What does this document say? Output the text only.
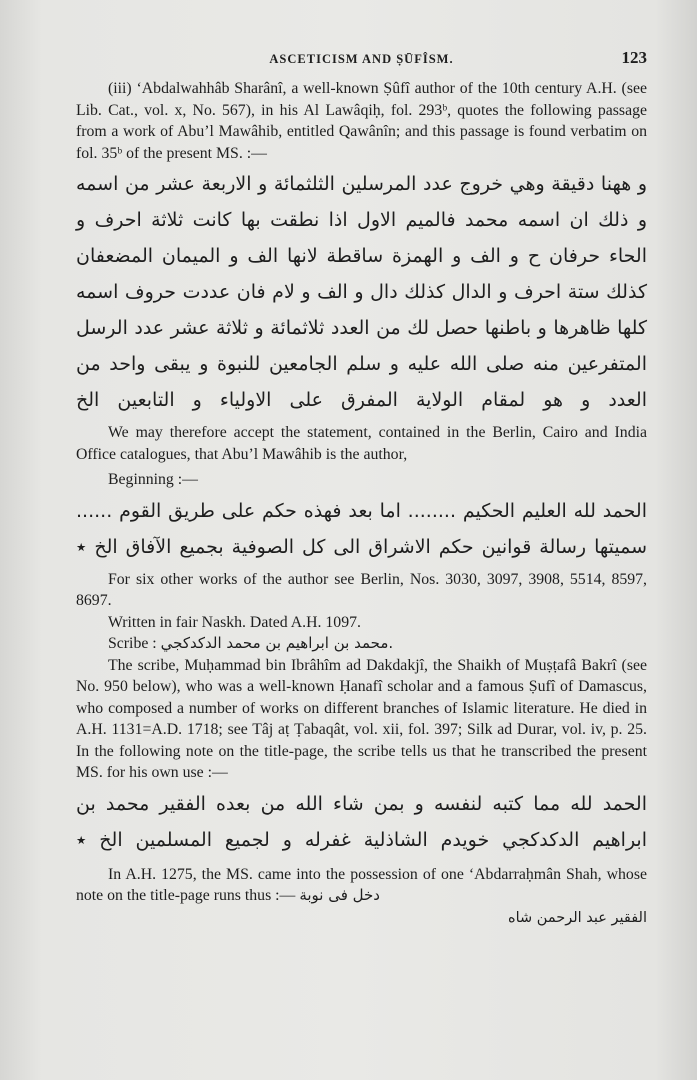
ASCETICISM AND ṢŪFÎSM.	123

(iii) ‘Abdalwahhâb Sharânî, a well-known Ṣûfî author of the 10th century A.H. (see Lib. Cat., vol. x, No. 567), in his Al Lawâqiḥ, fol. 293ᵇ, quotes the following passage from a work of Abu’l Mawâhib, entitled Qawânîn; and this passage is found verbatim on fol. 35ᵇ of the present MS. :—

و ههنا دقيقة وهي خروج عدد المرسلين الثلثمائة و الاربعة عشر من اسمه و ذلك ان اسمه محمد فالميم الاول اذا نطقت بها كانت ثلاثة احرف و الحاء حرفان ح و الف و الهمزة ساقطة لانها الف و الميمان المضعفان كذلك ستة احرف و الدال كذلك دال و الف و لام فان عددت حروف اسمه كلها ظاهرها و باطنها حصل لك من العدد ثلاثمائة و ثلاثة عشر عدد الرسل المتفرعين منه صلى الله عليه و سلم الجامعين للنبوة و يبقى واحد من العدد و هو لمقام الولاية المفرق على الاولياء و التابعين الخ

We may therefore accept the statement, contained in the Berlin, Cairo and India Office catalogues, that Abu’l Mawâhib is the author,

Beginning :—

الحمد لله العليم الحكيم ........ اما بعد فهذه حكم على طريق القوم ...... سميتها رسالة قوانين حكم الاشراق الى كل الصوفية بجميع الآفاق الخ ٭

For six other works of the author see Berlin, Nos. 3030, 3097, 3908, 5514, 8597, 8697.

Written in fair Naskh. Dated A.H. 1097.

Scribe : محمد بن ابراهيم بن محمد الدكدكجي.

The scribe, Muḥammad bin Ibrâhîm ad Dakdakjî, the Shaikh of Muṣṭafâ Bakrî (see No. 950 below), who was a well-known Ḥanafî scholar and a famous Ṣufî of Damascus, who composed a number of works on different branches of Islamic literature. He died in A.H. 1131=A.D. 1718; see Tâj aṭ Ṭabaqât, vol. xii, fol. 397; Silk ad Durar, vol. iv, p. 25. In the following note on the title-page, the scribe tells us that he transcribed the present MS. for his own use :—

الحمد لله مما كتبه لنفسه و بمن شاء الله من بعده الفقير محمد بن ابراهيم الدكدكجي خويدم الشاذلية غفرله و لجميع المسلمين الخ ٭

In A.H. 1275, the MS. came into the possession of one ‘Abdarraḥmân Shah, whose note on the title-page runs thus :— دخل فى نوبة

الفقير عبد الرحمن شاه
